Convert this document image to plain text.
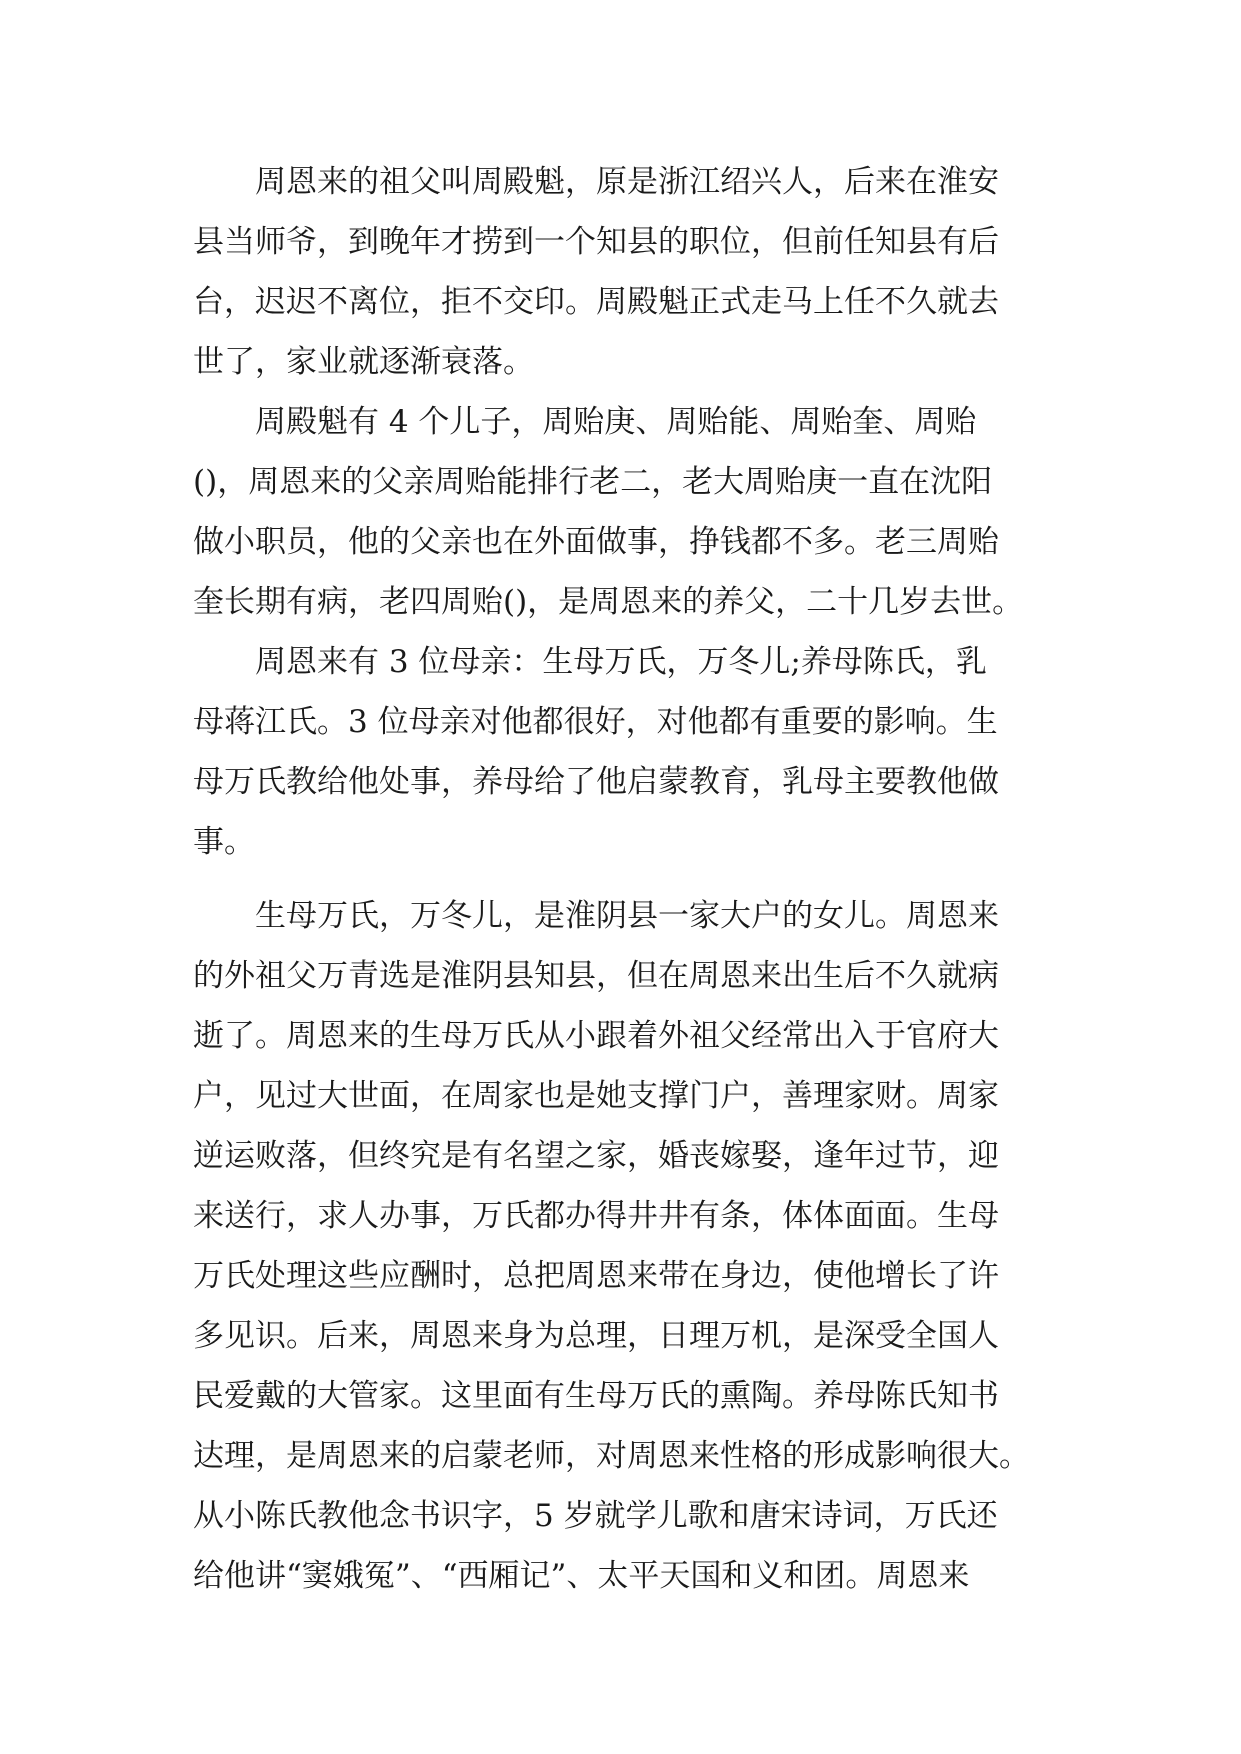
周恩来的祖父叫周殿魁，原是浙江绍兴人，后来在淮安
县当师爷，到晚年才捞到一个知县的职位，但前任知县有后
台，迟迟不离位，拒不交印。周殿魁正式走马上任不久就去
世了，家业就逐渐衰落。

周殿魁有 4 个儿子，周贻庚、周贻能、周贻奎、周贻
()，周恩来的父亲周贻能排行老二，老大周贻庚一直在沈阳
做小职员，他的父亲也在外面做事，挣钱都不多。老三周贻
奎长期有病，老四周贻()，是周恩来的养父，二十几岁去世。

周恩来有 3 位母亲：生母万氏，万冬儿;养母陈氏，乳
母蒋江氏。3 位母亲对他都很好，对他都有重要的影响。生
母万氏教给他处事，养母给了他启蒙教育，乳母主要教他做
事。

生母万氏，万冬儿，是淮阴县一家大户的女儿。周恩来
的外祖父万青选是淮阴县知县，但在周恩来出生后不久就病
逝了。周恩来的生母万氏从小跟着外祖父经常出入于官府大
户，见过大世面，在周家也是她支撑门户，善理家财。周家
逆运败落，但终究是有名望之家，婚丧嫁娶，逢年过节，迎
来送行，求人办事，万氏都办得井井有条，体体面面。生母
万氏处理这些应酬时，总把周恩来带在身边，使他增长了许
多见识。后来，周恩来身为总理，日理万机，是深受全国人
民爱戴的大管家。这里面有生母万氏的熏陶。养母陈氏知书
达理，是周恩来的启蒙老师，对周恩来性格的形成影响很大。
从小陈氏教他念书识字，5 岁就学儿歌和唐宋诗词，万氏还
给他讲“窦娥冤”、“西厢记”、太平天国和义和团。周恩来
